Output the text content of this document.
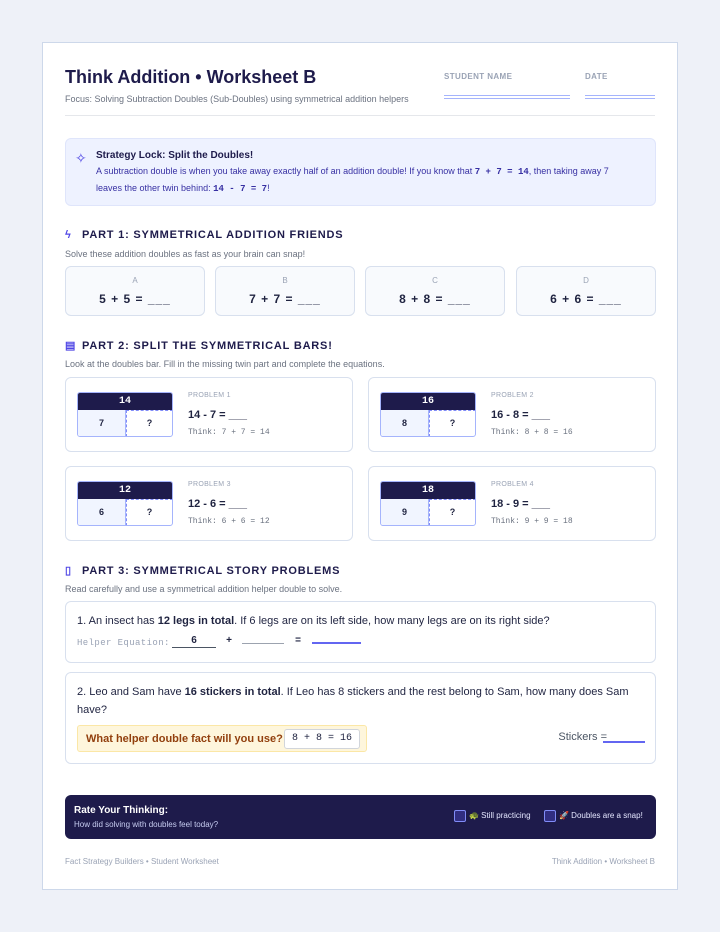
Think Addition • Worksheet B
Focus: Solving Subtraction Doubles (Sub-Doubles) using symmetrical addition helpers
STUDENT NAME	DATE
✧ Strategy Lock: Split the Doubles!
A subtraction double is when you take away exactly half of an addition double! If you know that 7 + 7 = 14, then taking away 7
leaves the other twin behind: 14 - 7 = 7!
ϟ PART 1: SYMMETRICAL ADDITION FRIENDS
Solve these addition doubles as fast as your brain can snap!
A
5 + 5 = ___
B
7 + 7 = ___
C
8 + 8 = ___
D
6 + 6 = ___
▤ PART 2: SPLIT THE SYMMETRICAL BARS!
Look at the doubles bar. Fill in the missing twin part and complete the equations.
14
7	?
PROBLEM 1
14 - 7 = ___
Think: 7 + 7 = 14
16
8	?
PROBLEM 2
16 - 8 = ___
Think: 8 + 8 = 16
12
6	?
PROBLEM 3
12 - 6 = ___
Think: 6 + 6 = 12
18
9	?
PROBLEM 4
18 - 9 = ___
Think: 9 + 9 = 18
▯ PART 3: SYMMETRICAL STORY PROBLEMS
Read carefully and use a symmetrical addition helper double to solve.
1. An insect has 12 legs in total. If 6 legs are on its left side, how many legs are on its right side?
Helper Equation:	6	+	=
2. Leo and Sam have 16 stickers in total. If Leo has 8 stickers and the rest belong to Sam, how many does Sam have?
What helper double fact will you use? 8 + 8 = 16	Stickers =
Rate Your Thinking:
How did solving with doubles feel today?
🐢 Still practicing	🚀 Doubles are a snap!
Fact Strategy Builders • Student Worksheet	Think Addition • Worksheet B
